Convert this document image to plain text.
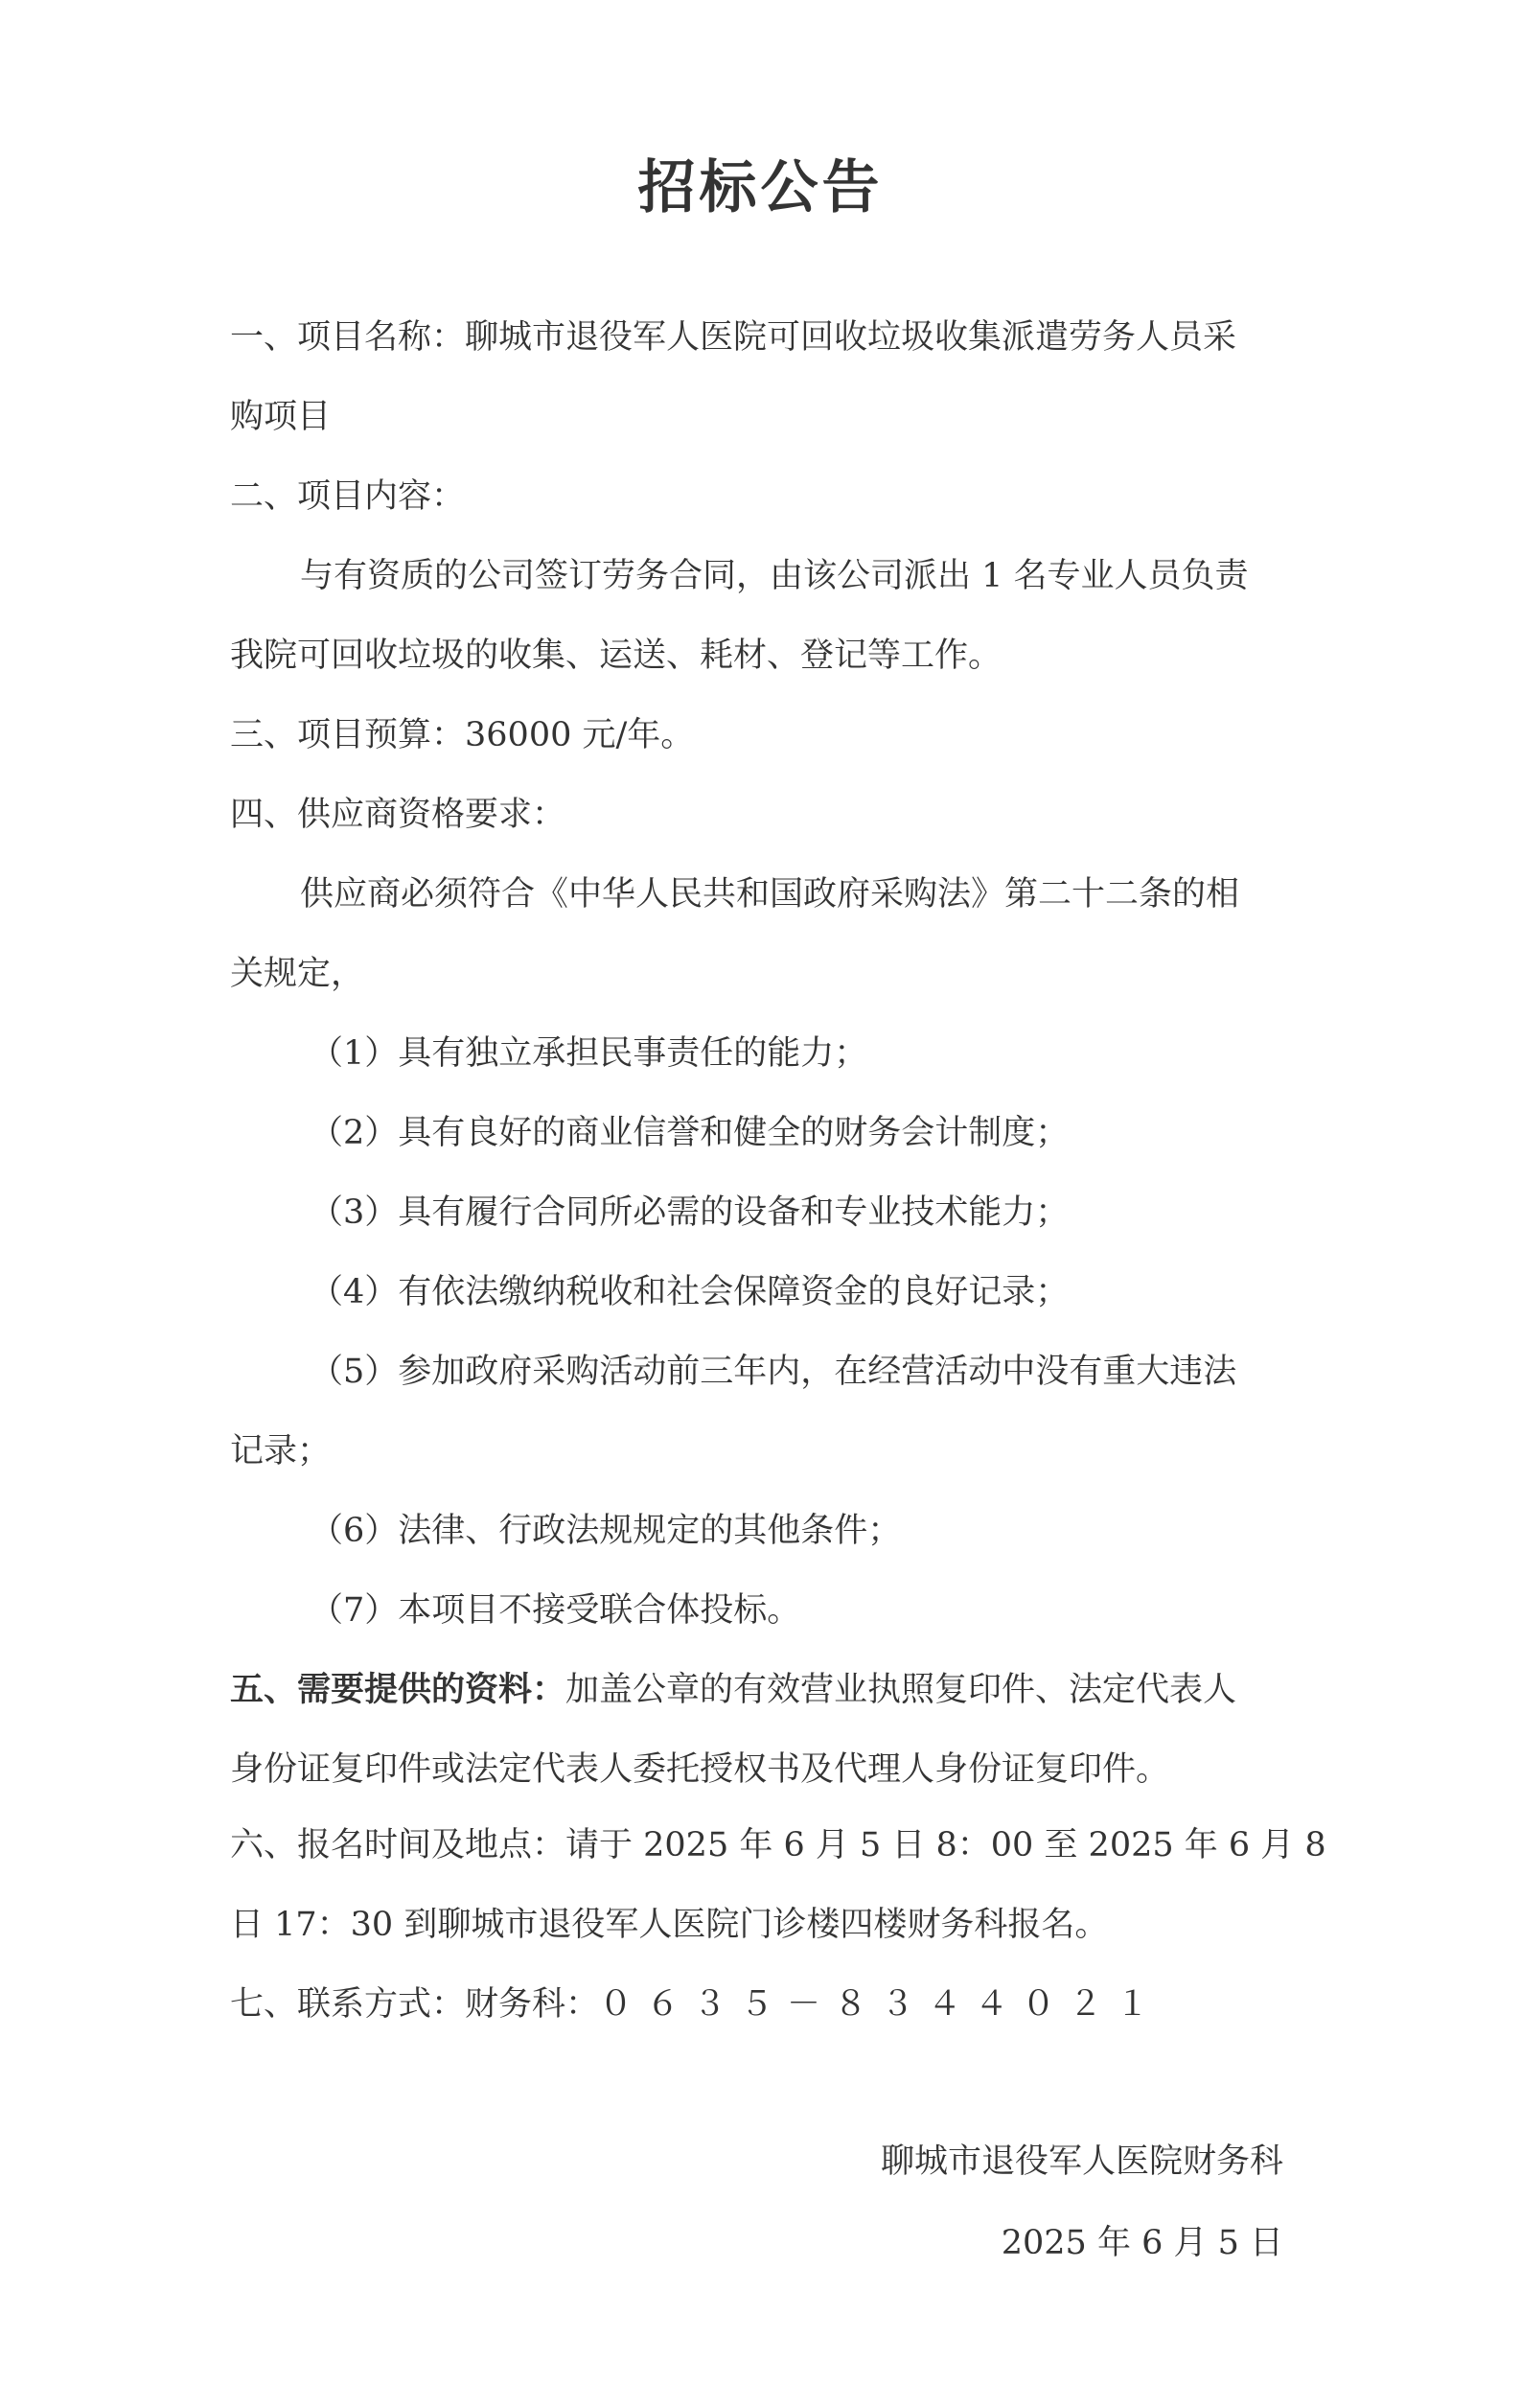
招标公告
一、项目名称：聊城市退役军人医院可回收垃圾收集派遣劳务人员采
购项目
二、项目内容：
与有资质的公司签订劳务合同，由该公司派出 1 名专业人员负责
我院可回收垃圾的收集、运送、耗材、登记等工作。
三、项目预算：36000 元/年。
四、供应商资格要求：
供应商必须符合《中华人民共和国政府采购法》第二十二条的相
关规定，
（1）具有独立承担民事责任的能力；
（2）具有良好的商业信誉和健全的财务会计制度；
（3）具有履行合同所必需的设备和专业技术能力；
（4）有依法缴纳税收和社会保障资金的良好记录；
（5）参加政府采购活动前三年内，在经营活动中没有重大违法
记录；
（6）法律、行政法规规定的其他条件；
（7）本项目不接受联合体投标。
五、需要提供的资料：加盖公章的有效营业执照复印件、法定代表人
身份证复印件或法定代表人委托授权书及代理人身份证复印件。
六、报名时间及地点：请于 2025 年 6 月 5 日 8：00 至 2025 年 6 月 8
日 17：30 到聊城市退役军人医院门诊楼四楼财务科报名。
七、联系方式：财务科：０６３５－８３４４０２１
聊城市退役军人医院财务科
2025 年 6 月 5 日
